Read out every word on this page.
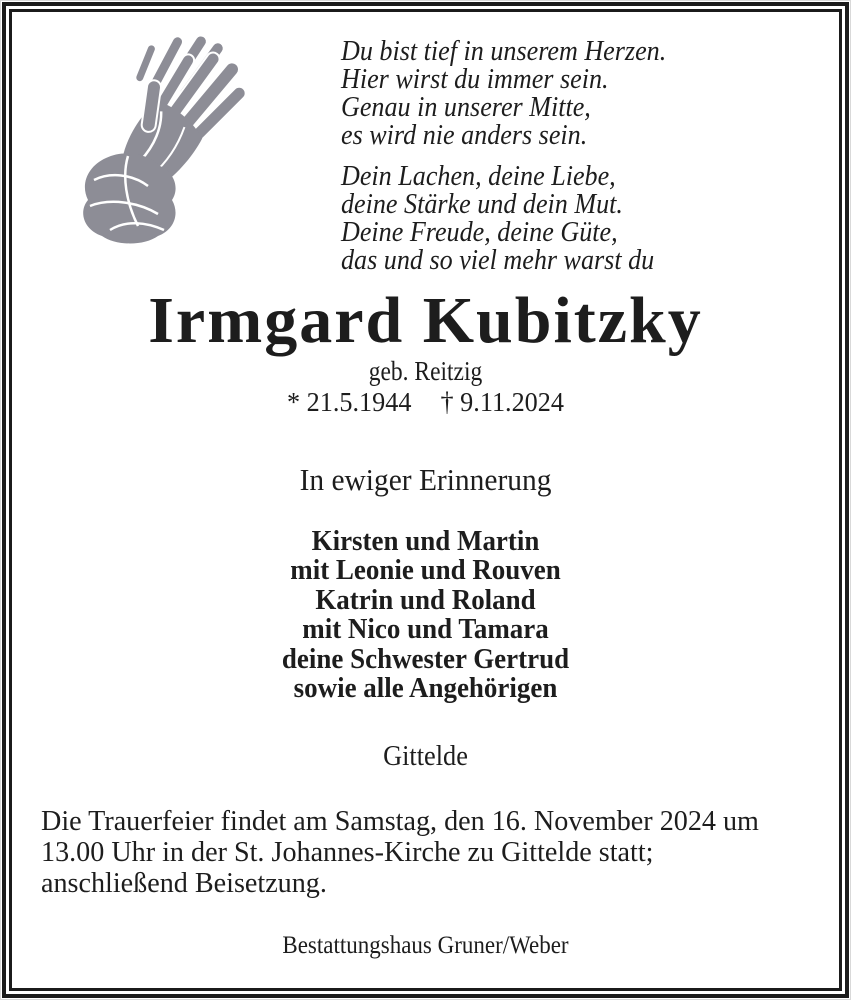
Du bist tief in unserem Herzen.
Hier wirst du immer sein.
Genau in unserer Mitte,
es wird nie anders sein.
Dein Lachen, deine Liebe,
deine Stärke und dein Mut.
Deine Freude, deine Güte,
das und so viel mehr warst du
Irmgard Kubitzky
geb. Reitzig
* 21.5.1944 † 9.11.2024
In ewiger Erinnerung
Kirsten und Martin
mit Leonie und Rouven
Katrin und Roland
mit Nico und Tamara
deine Schwester Gertrud
sowie alle Angehörigen
Gittelde
Die Trauerfeier findet am Samstag, den 16. November 2024 um
13.00 Uhr in der St. Johannes-Kirche zu Gittelde statt;
anschließend Beisetzung.
Bestattungshaus Gruner/Weber
